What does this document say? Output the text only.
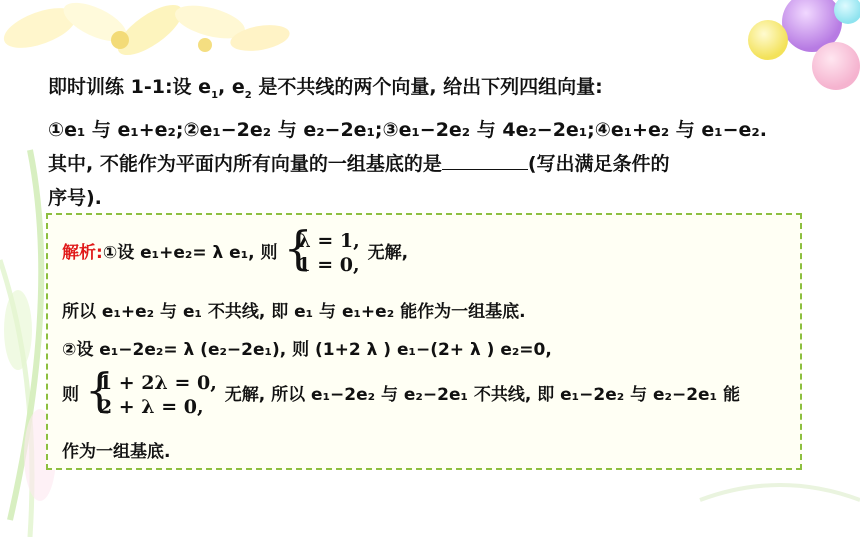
即时训练 1-1:设 $e_1$, $e_2$ 是不共线的两个向量, 给出下列四组向量:
①e₁ 与 e₁+e₂;②e₁−2e₂ 与 e₂−2e₁;③e₁−2e₂ 与 4e₂−2e₁;④e₁+e₂ 与 e₁−e₂.
其中, 不能作为平面内所有向量的一组基底的是	(写出满足条件的
序号).
解析:①设 e₁+e₂= λ e₁, 则 {
λ = 1,
1 = 0,
无解,
所以 e₁+e₂ 与 e₁ 不共线, 即 e₁ 与 e₁+e₂ 能作为一组基底.
②设 e₁−2e₂= λ (e₂−2e₁), 则 (1+2 λ ) e₁−(2+ λ ) e₂=0,
则 {
1 + 2λ = 0,
2 + λ = 0,
无解, 所以 e₁−2e₂ 与 e₂−2e₁ 不共线, 即 e₁−2e₂ 与 e₂−2e₁ 能
作为一组基底.
